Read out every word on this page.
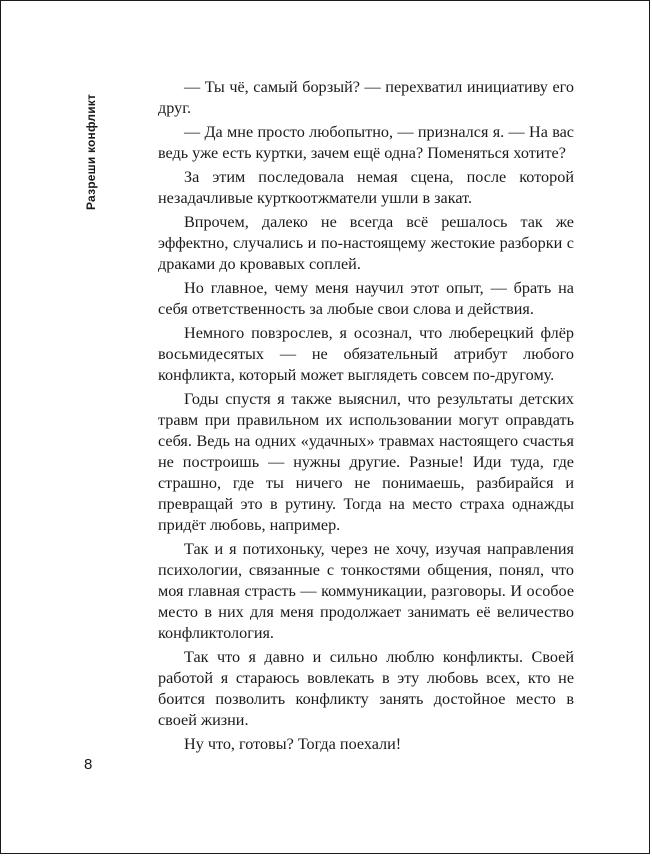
Разреши конфликт

— Ты чё, самый борзый? — перехватил инициативу его друг.

— Да мне просто любопытно, — признался я. — На вас ведь уже есть куртки, зачем ещё одна? Поменяться хотите?

За этим последовала немая сцена, после которой незадачливые курткоотжматели ушли в закат.

Впрочем, далеко не всегда всё решалось так же эффектно, случались и по-настоящему жестокие разборки с драками до кровавых соплей.

Но главное, чему меня научил этот опыт, — брать на себя ответственность за любые свои слова и действия.

Немного повзрослев, я осознал, что люберецкий флёр восьмидесятых — не обязательный атрибут любого конфликта, который может выглядеть совсем по-другому.

Годы спустя я также выяснил, что результаты детских травм при правильном их использовании могут оправдать себя. Ведь на одних «удачных» травмах настоящего счастья не построишь — нужны другие. Разные! Иди туда, где страшно, где ты ничего не понимаешь, разбирайся и превращай это в рутину. Тогда на место страха однажды придёт любовь, например.

Так и я потихоньку, через не хочу, изучая направления психологии, связанные с тонкостями общения, понял, что моя главная страсть — коммуникации, разговоры. И особое место в них для меня продолжает занимать её величество конфликтология.

Так что я давно и сильно люблю конфликты. Своей работой я стараюсь вовлекать в эту любовь всех, кто не боится позволить конфликту занять достойное место в своей жизни.

Ну что, готовы? Тогда поехали!

8
